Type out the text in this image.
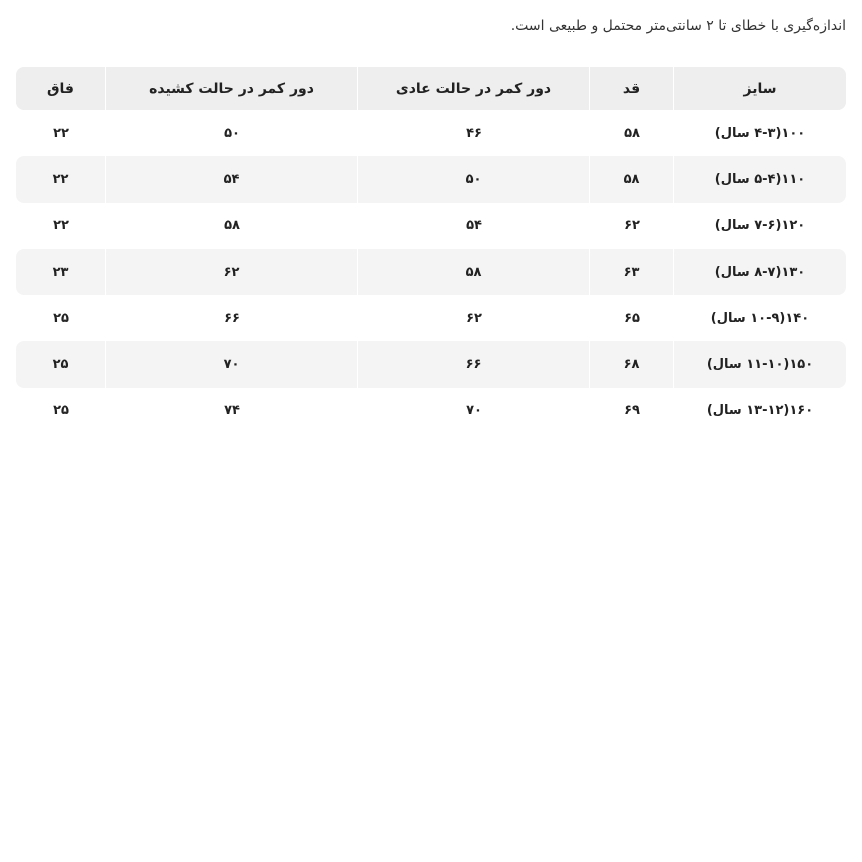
اندازه‌گیری با خطای تا ۲ سانتی‌متر محتمل و طبیعی است.
سایز	قد	دور کمر در حالت عادی	دور کمر در حالت کشیده	فاق
۱۰۰(۴-۳ سال)	۵۸	۴۶	۵۰	۲۲
۱۱۰(۵-۴ سال)	۵۸	۵۰	۵۴	۲۲
۱۲۰(۷-۶ سال)	۶۲	۵۴	۵۸	۲۲
۱۳۰(۸-۷ سال)	۶۳	۵۸	۶۲	۲۳
۱۴۰(۱۰-۹ سال)	۶۵	۶۲	۶۶	۲۵
۱۵۰(۱۱-۱۰ سال)	۶۸	۶۶	۷۰	۲۵
۱۶۰(۱۳-۱۲ سال)	۶۹	۷۰	۷۴	۲۵
